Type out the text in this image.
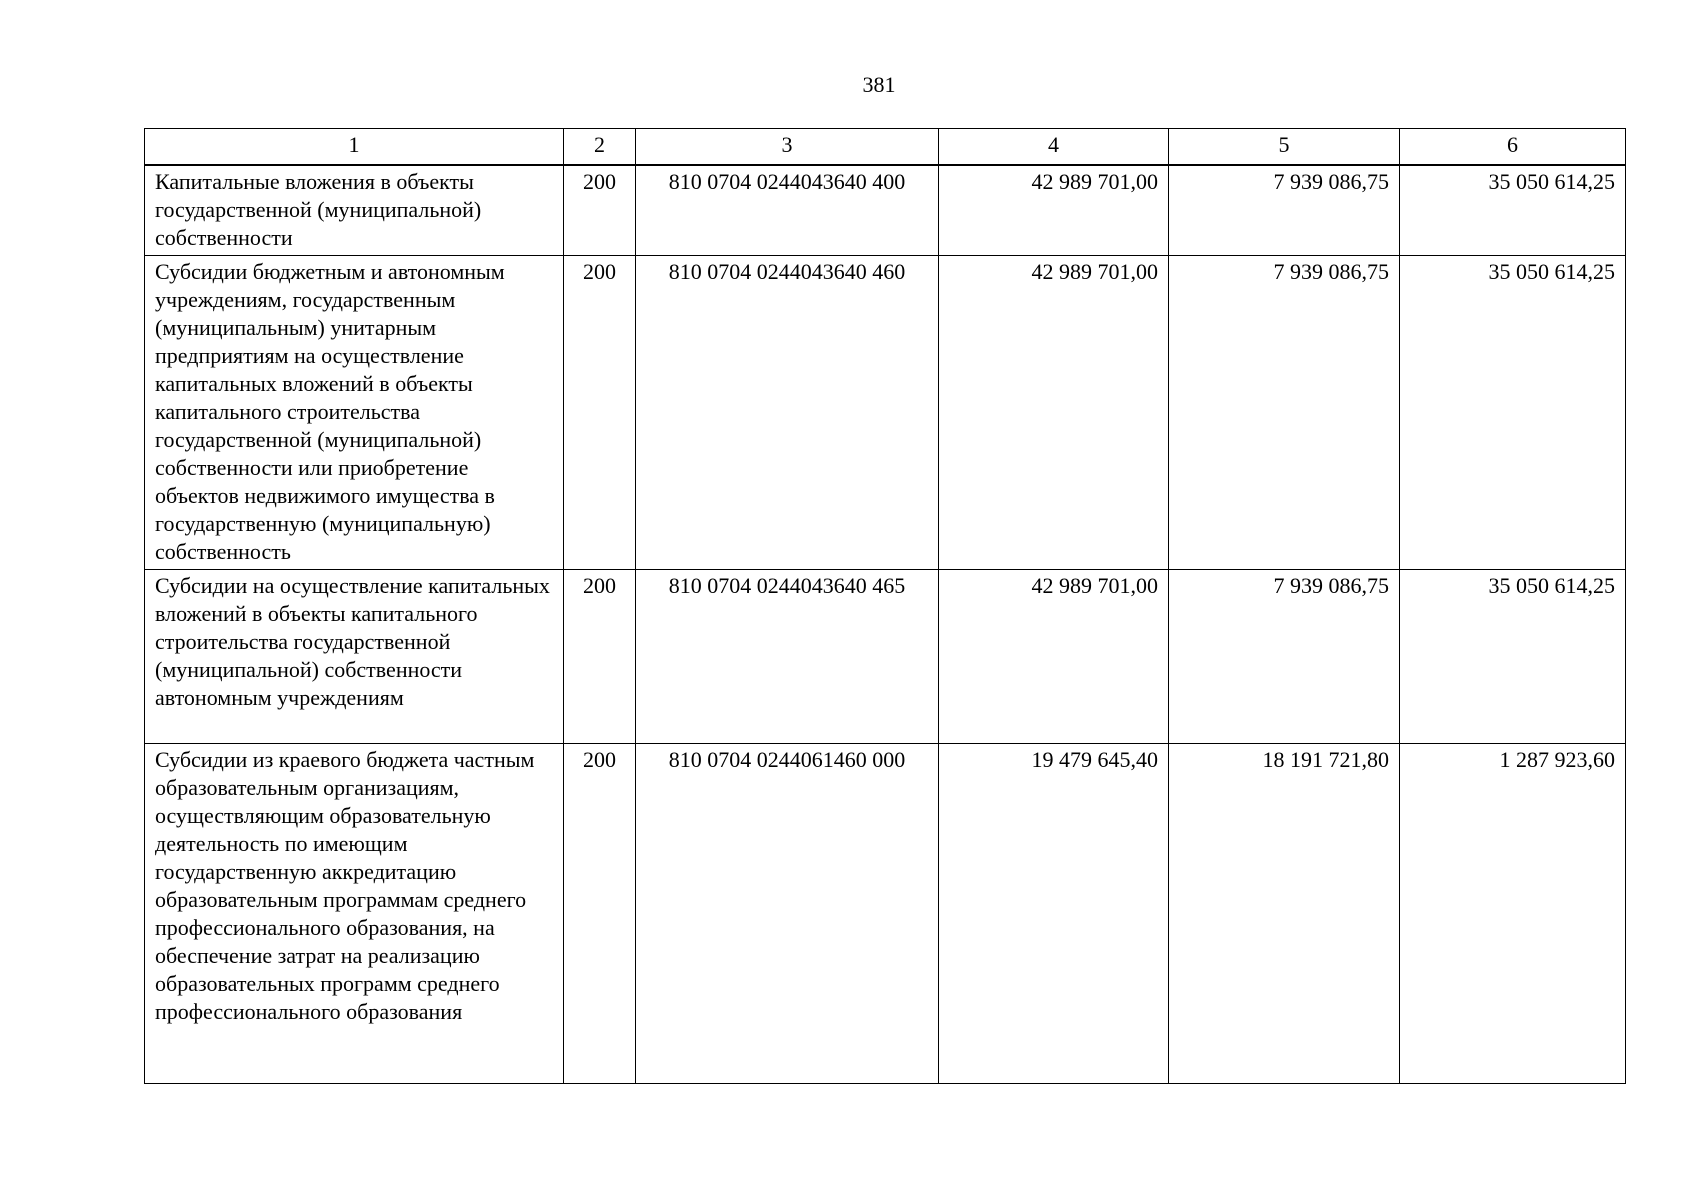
381
1	2	3	4	5	6
Капитальные вложения в объекты государственной (муниципальной) собственности	200	810 0704 0244043640 400	42 989 701,00	7 939 086,75	35 050 614,25
Субсидии бюджетным и автономным учреждениям, государственным (муниципальным) унитарным предприятиям на осуществление капитальных вложений в объекты капитального строительства государственной (муниципальной) собственности или приобретение объектов недвижимого имущества в государственную (муниципальную) собственность	200	810 0704 0244043640 460	42 989 701,00	7 939 086,75	35 050 614,25
Субсидии на осуществление капитальных вложений в объекты капитального строительства государственной (муниципальной) собственности автономным учреждениям	200	810 0704 0244043640 465	42 989 701,00	7 939 086,75	35 050 614,25
Субсидии из краевого бюджета частным образовательным организациям, осуществляющим образовательную деятельность по имеющим государственную аккредитацию образовательным программам среднего профессионального образования, на обеспечение затрат на реализацию образовательных программ среднего профессионального образования	200	810 0704 0244061460 000	19 479 645,40	18 191 721,80	1 287 923,60
